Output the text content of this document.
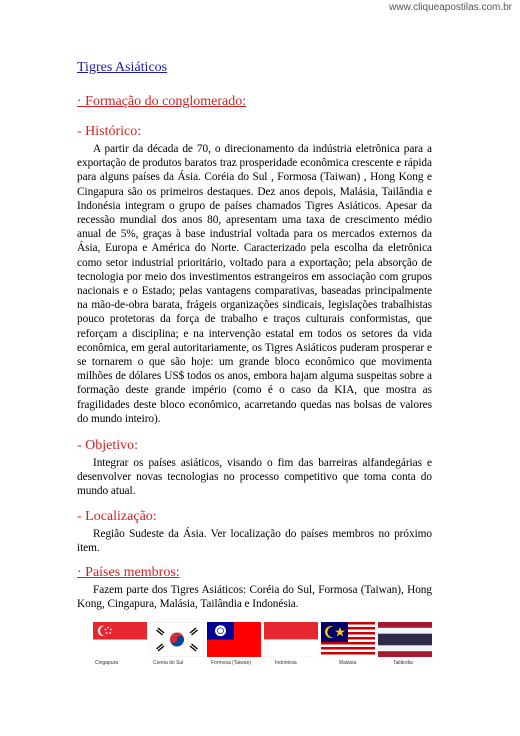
www.cliqueapostilas.com.br
Tigres Asiáticos
· Formação do conglomerado:
- Histórico:

A partir da década de 70, o direcionamento da indústria eletrônica para a exportação de produtos baratos traz prosperidade econômica crescente e rápida para alguns países da Ásia. Coréia do Sul , Formosa (Taiwan) , Hong Kong e Cingapura são os primeiros destaques. Dez anos depois, Malásia, Tailândia e Indonésia integram o grupo de países chamados Tigres Asiáticos. Apesar da recessão mundial dos anos 80, apresentam uma taxa de crescimento médio anual de 5%, graças à base industrial voltada para os mercados externos da Ásia, Europa e América do Norte. Caracterizado pela escolha da eletrônica como setor industrial prioritário, voltado para a exportação; pela absorção de tecnologia por meio dos investimentos estrangeiros em associação com grupos nacionais e o Estado; pelas vantagens comparativas, baseadas principalmente na mão-de-obra barata, frágeis organizações sindicais, legislações trabalhistas pouco protetoras da força de trabalho e traços culturais conformistas, que reforçam a disciplina; e na intervenção estatal em todos os setores da vida econômica, em geral autoritariamente, os Tigres Asiáticos puderam prosperar e se tornarem o que são hoje: um grande bloco econômico que movimenta milhões de dólares US$ todos os anos, embora hajam alguma suspeitas sobre a formação deste grande império (como é o caso da KIA, que mostra as fragilidades deste bloco econômico, acarretando quedas nas bolsas de valores do mundo inteiro).

- Objetivo:

Integrar os países asiáticos, visando o fim das barreiras alfandegárias e desenvolver novas tecnologias no processo competitivo que toma conta do mundo atual.

- Localização:

Região Sudeste da Ásia. Ver localização do países membros no próximo item.

· Países membros:

Fazem parte dos Tigres Asiáticos: Coréia do Sul, Formosa (Taiwan), Hong Kong, Cingapura, Malásia, Tailândia e Indonésia.

Cingapura	Coreia do Sul	Formosa (Taiwan)	Indonésia	Malásia	Tailândia
